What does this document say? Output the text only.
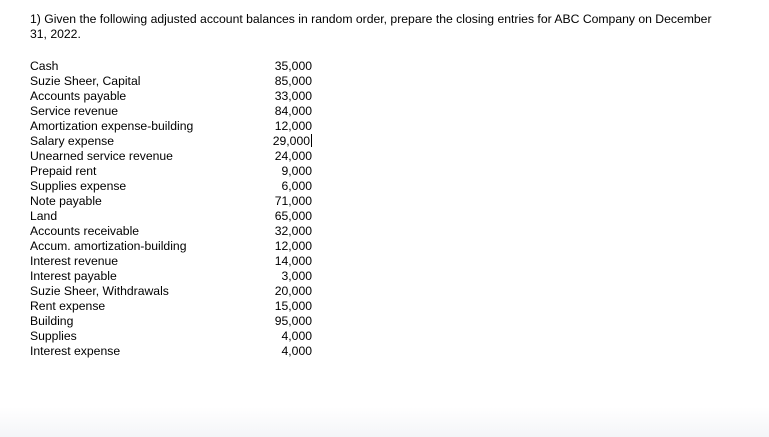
1) Given the following adjusted account balances in random order, prepare the closing entries for ABC Company on December 31, 2022.

Cash	35,000
Suzie Sheer, Capital	85,000
Accounts payable	33,000
Service revenue	84,000
Amortization expense-building	12,000
Salary expense	29,000
Unearned service revenue	24,000
Prepaid rent	9,000
Supplies expense	6,000
Note payable	71,000
Land	65,000
Accounts receivable	32,000
Accum. amortization-building	12,000
Interest revenue	14,000
Interest payable	3,000
Suzie Sheer, Withdrawals	20,000
Rent expense	15,000
Building	95,000
Supplies	4,000
Interest expense	4,000
